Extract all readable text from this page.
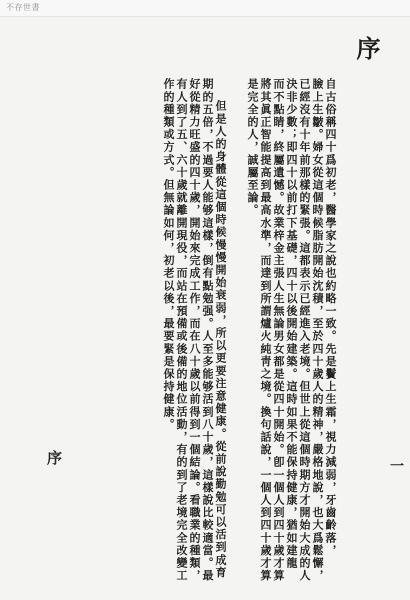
不存世書
序
自古俗稱四十爲初老，醫學家之說也約略一致。先是鬢上生霜，視力減弱，牙齒齡落，
臉上生皺。婦女從這個時候脂肪開始沈積，至於四十歲人的精神，嚴格地說，也大爲鬆懈，
已經沒有十年前那樣的緊張。這都表示已經進入老境。但世上從這個時期方才開始大成的人
決非少數；即四十以前打下基礎，四十以後開始建築。這時如果不能保持健康，猶如建龍
而不點睛，終屬遺憾。故業梓金主張人生無論男女都是從四十開始。卽一個人到四十歲才算
將其眞正智能提高到最高水準，而達到所謂爐火純靑之境。換句話說，一個人到四十歲才算
是完全的人，誠屬至論。
但是人的身體從這個時候慢慢開始衰弱，所以更要注意健康。從前說勤勉可以活到成育
期的五倍，不過要人能够這樣，倒有點勉强。人至多能够活到八十歲，這樣說比較適當。最
好從精力旺盛的四十歲，開始來完成工作，而在八十歲以前得到一個結論。看職業的種類，
有人到了五、六十歲就離開現役，而站在預備或後備的地位活動，有的到了老境完全改變工
作的種類或方式。但無論如何，初老以後，最要緊是保持健康。
序
一
